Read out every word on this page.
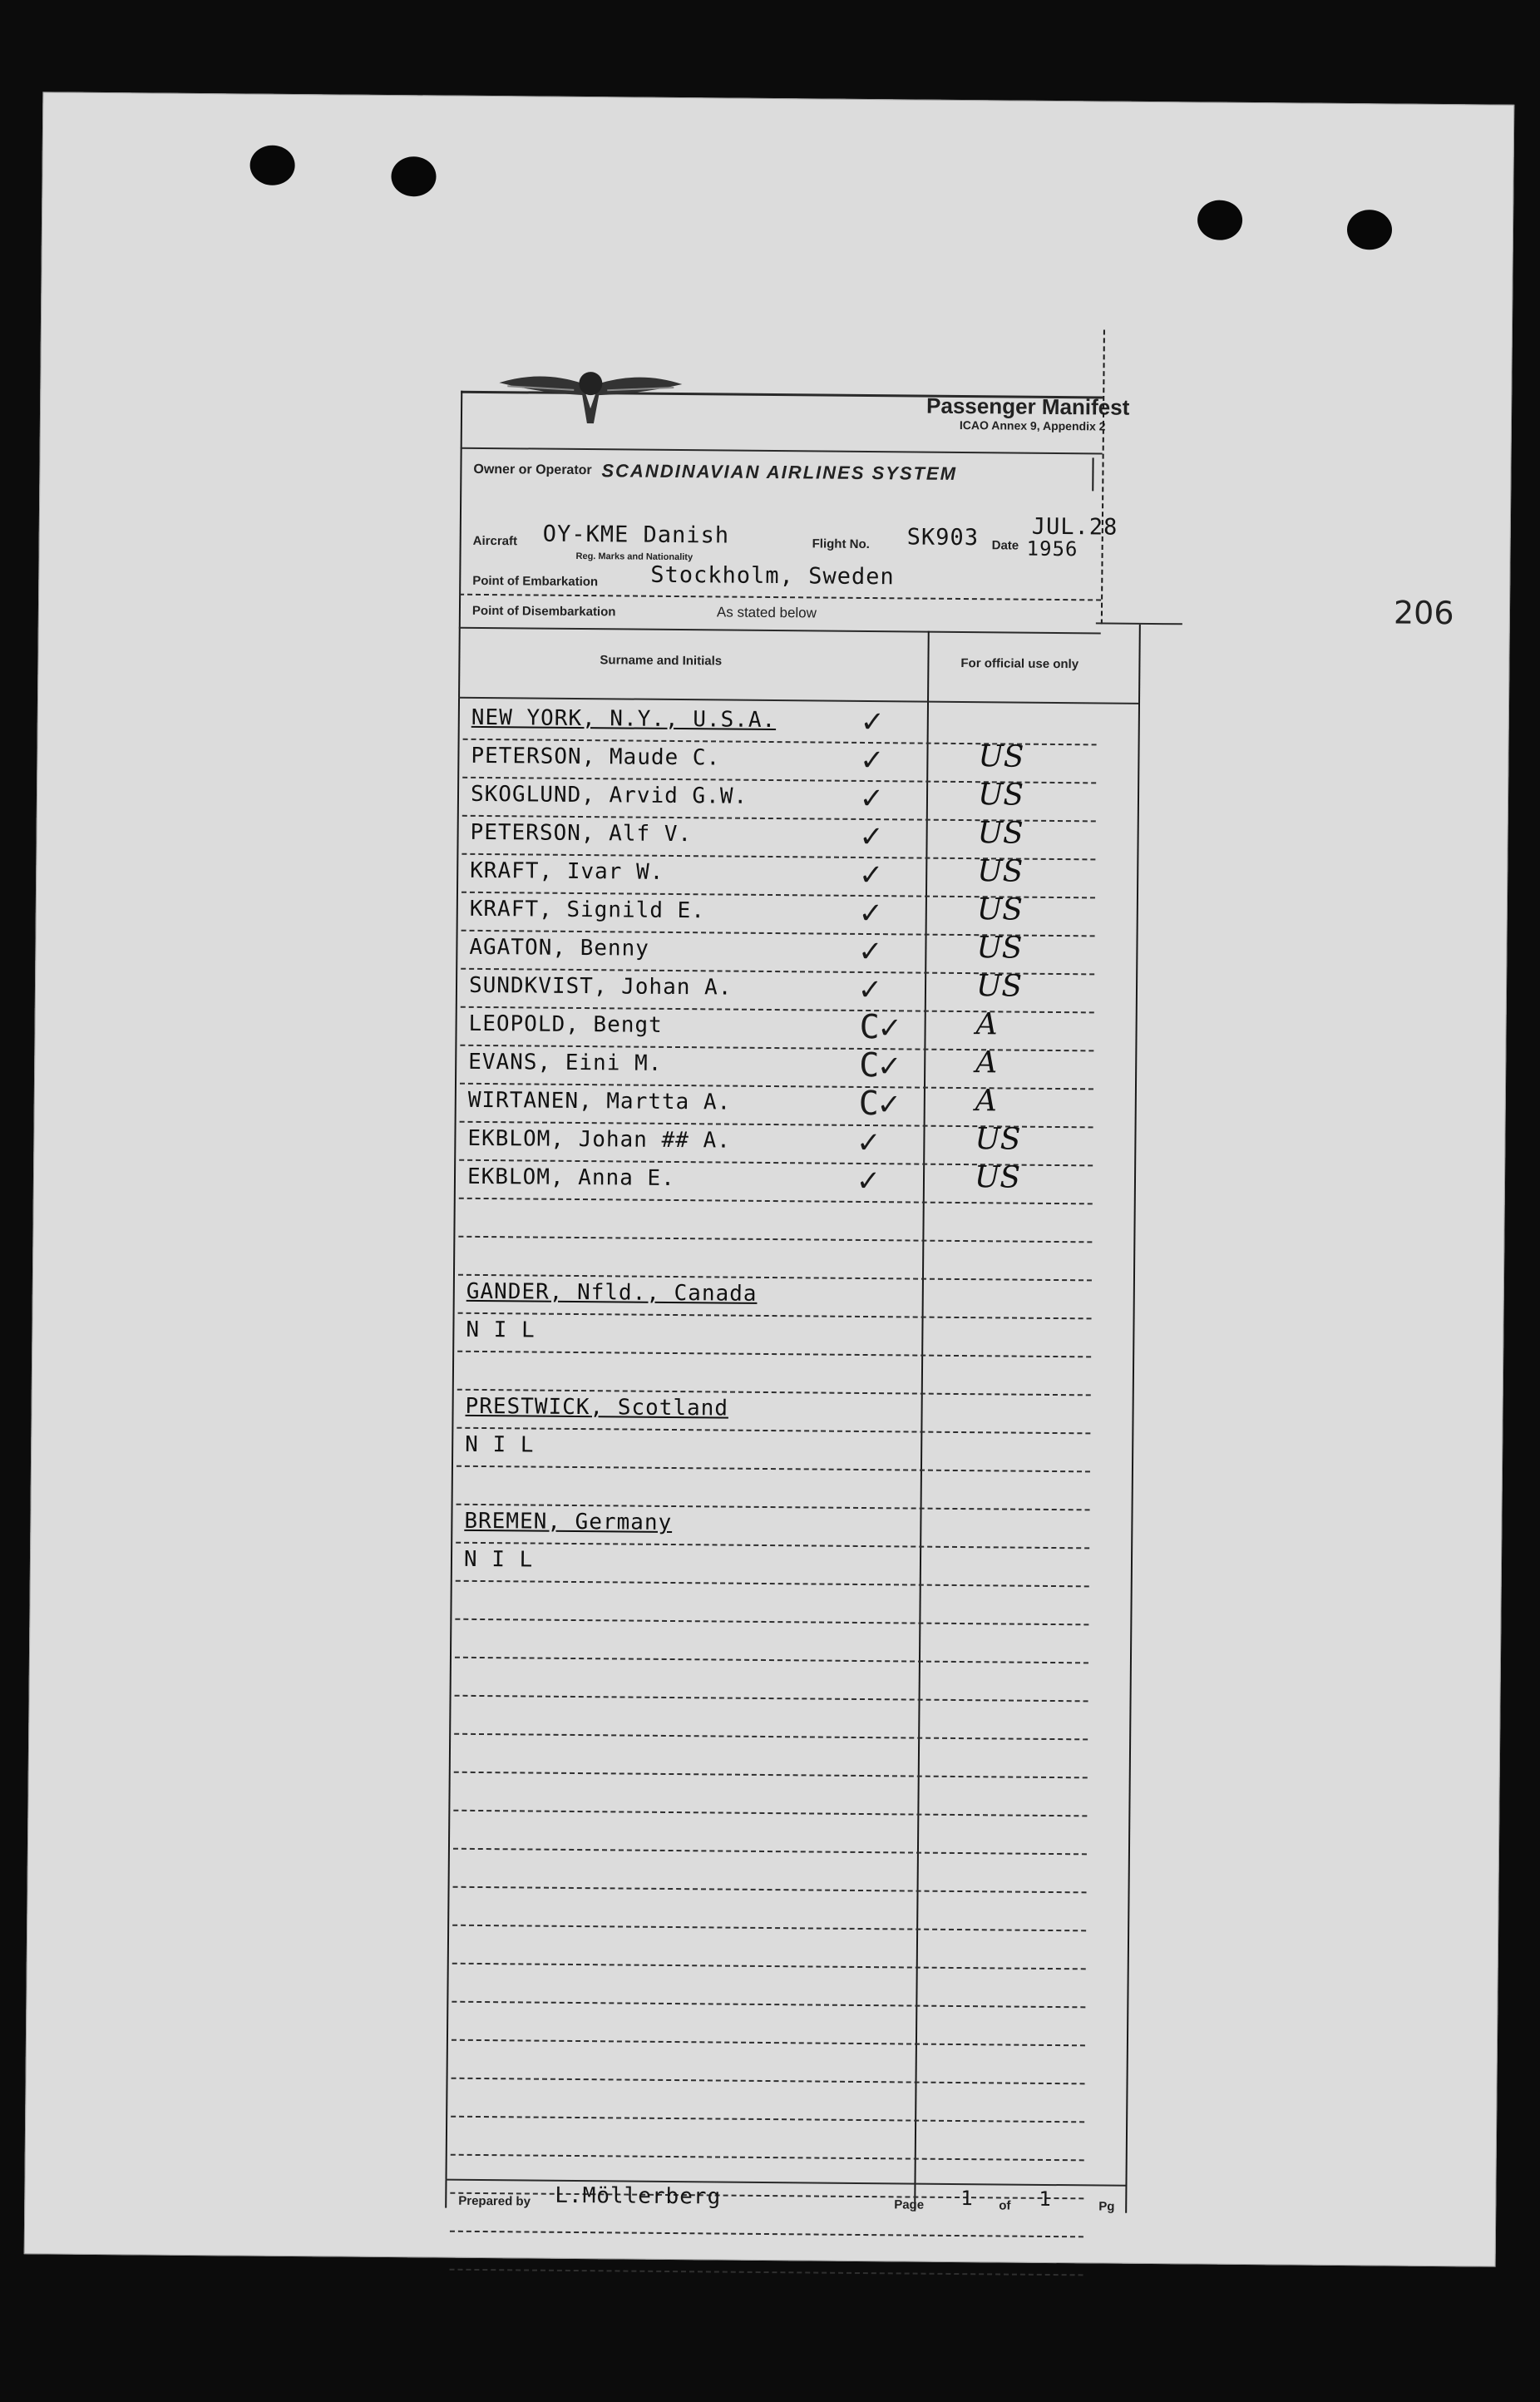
206
Passenger Manifest
ICAO Annex 9, Appendix 2
Owner or Operator SCANDINAVIAN AIRLINES SYSTEM
Aircraft OY-KME Danish
Reg. Marks and Nationality
Flight No. SK903 Date
JUL.28
1956
Point of Embarkation Stockholm, Sweden
Point of Disembarkation	As stated below
Surname and Initials	For official use only
NEW YORK, N.Y., U.S.A.	✓
PETERSON, Maude C.	✓	US
SKOGLUND, Arvid G.W.	✓	US
PETERSON, Alf V.	✓	US
KRAFT, Ivar W.	✓	US
KRAFT, Signild E.	✓	US
AGATON, Benny	✓	US
SUNDKVIST, Johan A.	✓	US
LEOPOLD, Bengt	C✓	A
EVANS, Eini M.	C✓	A
WIRTANEN, Martta A.	C✓	A
EKBLOM, Johan ## A.	✓	US
EKBLOM, Anna E.	✓	US
GANDER, Nfld., Canada
N I L
PRESTWICK, Scotland
N I L
BREMEN, Germany
N I L
Prepared by L.Möllerberg	Page 1 of 1	Pg
